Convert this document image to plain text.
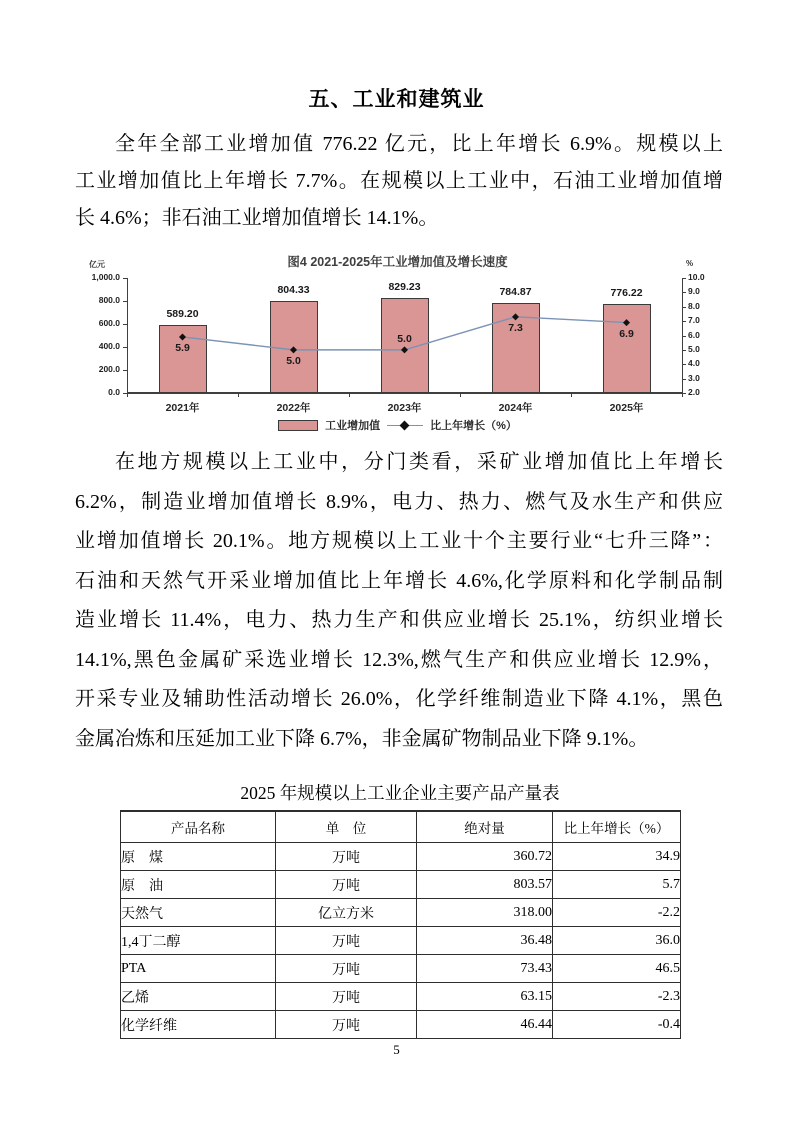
五、工业和建筑业
全年全部工业增加值 776.22 亿元，比上年增长 6.9%。规模以上
工业增加值比上年增长 7.7%。在规模以上工业中，石油工业增加值增
长 4.6%；非石油工业增加值增长 14.1%。
图4 2021-2025年工业增加值及增长速度
亿元	%
1,000.0
800.0
600.0
400.0
200.0
0.0
10.0
9.0
8.0
7.0
6.0
5.0
4.0
3.0
2.0
2021年	2022年	2023年	2024年	2025年
589.20
804.33	829.23	784.87	776.22
5.9
5.0
5.0
7.3	6.9
工业增加值	比上年增长（%）
在地方规模以上工业中，分门类看，采矿业增加值比上年增长
6.2%，制造业增加值增长 8.9%，电力、热力、燃气及水生产和供应
业增加值增长 20.1%。地方规模以上工业十个主要行业“七升三降”：
石油和天然气开采业增加值比上年增长 4.6%,化学原料和化学制品制
造业增长 11.4%，电力、热力生产和供应业增长 25.1%，纺织业增长
14.1%,黑色金属矿采选业增长 12.3%,燃气生产和供应业增长 12.9%，
开采专业及辅助性活动增长 26.0%，化学纤维制造业下降 4.1%，黑色
金属冶炼和压延加工业下降 6.7%，非金属矿物制品业下降 9.1%。
2025 年规模以上工业企业主要产品产量表
产品名称	单　位	绝对量	比上年增长（%）
原　煤	万吨	360.72	34.9
原　油	万吨	803.57	5.7
天然气	亿立方米	318.00	-2.2
1,4丁二醇	万吨	36.48	36.0
PTA	万吨	73.43	46.5
乙烯	万吨	63.15	-2.3
化学纤维	万吨	46.44	-0.4
5
